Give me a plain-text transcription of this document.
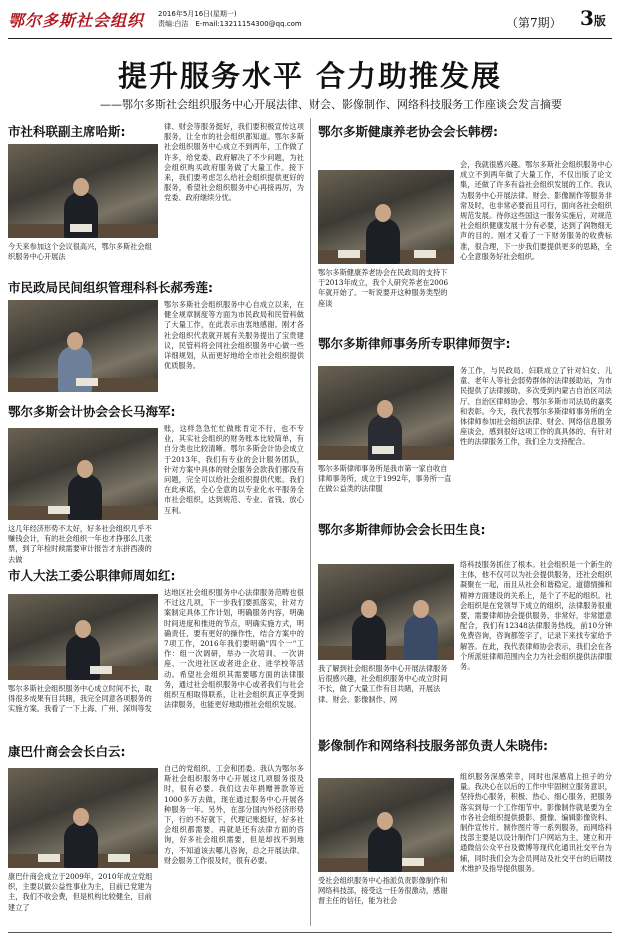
鄂尔多斯社会组织 2016年5月16日(星期一)
责编:白洁　E-mail:13211154300@qq.com	（第7期） 3版
提升服务水平 合力助推发展
——鄂尔多斯社会组织服务中心开展法律、财会、影像制作、网络科技服务工作座谈会发言摘要
市社科联副主席哈斯:
今天来参加这个会议很高兴，鄂尔多斯社会组织服务中心开展法
律、财会等服务挺好，我们要积极宣传这项服务，让全市的社会组织都知道。鄂尔多斯社会组织服务中心成立不到两年，工作做了许多，给党委、政府解决了不少问题，为社会组织购买政府服务做了大量工作。接下来，我们要考虑怎么给社会组织提供更好的服务，希望社会组织服务中心再接再厉，为党委、政府继续分忧。
市民政局民间组织管理科科长郝秀莲:
鄂尔多斯社会组织服务中心自成立以来，在健全规章制度等方面为市民政局和民管科做了大量工作，在此表示由衷地感谢。刚才各社会组织代表就开展有关服务提出了宝贵建议，民管科将会同社会组织服务中心做一些详细规划，从而更好地给全市社会组织提供优质服务。
鄂尔多斯会计协会会长马海军:
这几年经济形势不太好，好多社会组织几乎不赚钱会计，有的社会组织一年也才挣那么几张票，到了年检时候需要审计报告才东拼西凑的去做
账，这样急急忙忙做账肯定不行，也不专业，其实社会组织的财务账本比较简单，有自分类也比较清晰。鄂尔多斯会计协会成立于2013年，我们有专业的会计服务团队，针对方案中具体的财会服务会款我们都没有问题，完全可以给社会组织提供代账。我们在此承诺，全心全意的以专业化水平服务全市社会组织，达到规范、专业、省钱、放心互利。
市人大法工委公职律师周如红:
鄂尔多斯社会组织服务中心成立时间不长，取得很多成果有目共睹，我完全同意各项服务的实施方案。我看了一下上海、广州、深圳等发
达地区社会组织服务中心法律服务范畴也很不过这几项，下一步我们要抓落实，针对方案制定具体工作计划，明确服务内容，明确时间进度和推进的节点，明确实施方式，明确责任，要有更好的操作性，结合方案中的7项工作，2016年我们要明确"四个一"工作：组一次调研，举办一次培训、一次讲座、一次进社区或者进企业、进学校等活动。希望社会组织其需要哪方面的法律服务，通过社会组织服务中心或者我们与社会组织互相取得联系，让社会组织真正享受到法律服务，也能更好地助推社会组织发展。
康巴什商会会长白云:
康巴什商会成立于2009年，2010年成立党组织，主要以做公益性事业为主，目前已党建为主，我们不收会费，但是机构比较健全，目前建立了
自己的党组织、工会和团委。我认为鄂尔多斯社会组织服务中心开展这几项服务很及时，很有必要。我们这去年捐赠善款等近1000多万去做，现在通过服务中心开展各种服务一年。另外，在部分国内外经济形势下，行的不好就下，代理记账挺好，好多社会组织都需要。再就是还有法律方面的咨询，好多社会组织需要，但是却找不到地方，不知道该去哪儿咨询，总之开展法律、财会服务工作很及时，很有必要。
鄂尔多斯健康养老协会会长韩楞:
鄂尔多斯健康养老协会在民政局的支持下于2013年成立，我个人研究养老在2006年就开始了。一听说要开这种服务类型的座谈
会，我就很感兴趣。鄂尔多斯社会组织服务中心成立不到两年做了大量工作，不仅出版了论文集，还做了许多有益社会组织发展的工作。我认为服务中心开展法律、财会、影像制作等服务非常及时，也非常必要而且可行，面向各社会组织规范发展。待你这些国这一服务实施后，对规范社会组织健康发展十分有必要，达到了润物细无声的目的。刚才又看了一下财务服务的收费标准，很合理，下一步我们要提供更多的思路，全心全意服务好社会组织。
鄂尔多斯律师事务所专职律师贺宇:
鄂尔多斯律师事务所是我市第一家自收自律师事务所，成立于1992年，事务所一直在做公益类的法律服
务工作，与民政局、妇联成立了针对妇女、儿童、老年人等社会弱势群体的法律援助站，为市民提供了法律援助，多次受到内蒙古自治区司法厅、自治区律师协会、鄂尔多斯市司法局的嘉奖和表彰。今天，我代表鄂尔多斯律师事务所的全体律师参加社会组织法律、财会、网络信息服务座谈会，感到很好这项工作的真具体的、有针对性的法律服务工作，我们全力支持配合。
鄂尔多斯律师协会会长田生良:
我了解到社会组织服务中心开展法律服务后很感兴趣，社会组织服务中心成立时间不长，做了大量工作有目共睹，开展法律、财会、影像制作、网
络科技服务抓住了根本。社会组织是一个新生的主体，他不仅可以为社会提供服务，还社会组织凝聚在一起，而且从社会和谐稳定、道德情操和精神方面建设的关系上，是个了不起的组织。社会组织是在党领导下成立的组织，法律服务很重要，需要律师协会提供服务，非常好，非常愿意配合，我们有12348法律服务热线，前10分钟免费咨询，咨询都签字了，记录下来找专家给予解答。在此，我代表律师协会表示，我们会在各个所派驻律师范围内全力为社会组织提供法律服务。
影像制作和网络科技服务部负责人朱晓伟:
受社会组织服务中心指派负责影像制作和网络科技部，接受这一任务很激动，感谢督主任的信任，能为社会
组织服务深感荣幸，同时也深感肩上担子的分量。我决心在以后的工作中牢固树立服务意识，坚持热心服务，积极、热心、细心服务，把服务落实到每一个工作细节中。影像制作就是要为全市各社会组织提供摄影、摄像、编辑影像资料、制作宣传片、制作图片等一系列服务，而网络科技部主要是以设计制作门户网站为主，建立和开通微信公众平台及微博等现代化通讯社交平台为辅，同时我们会为会员网站及社交平台的后期技术维护及指导提供服务。
